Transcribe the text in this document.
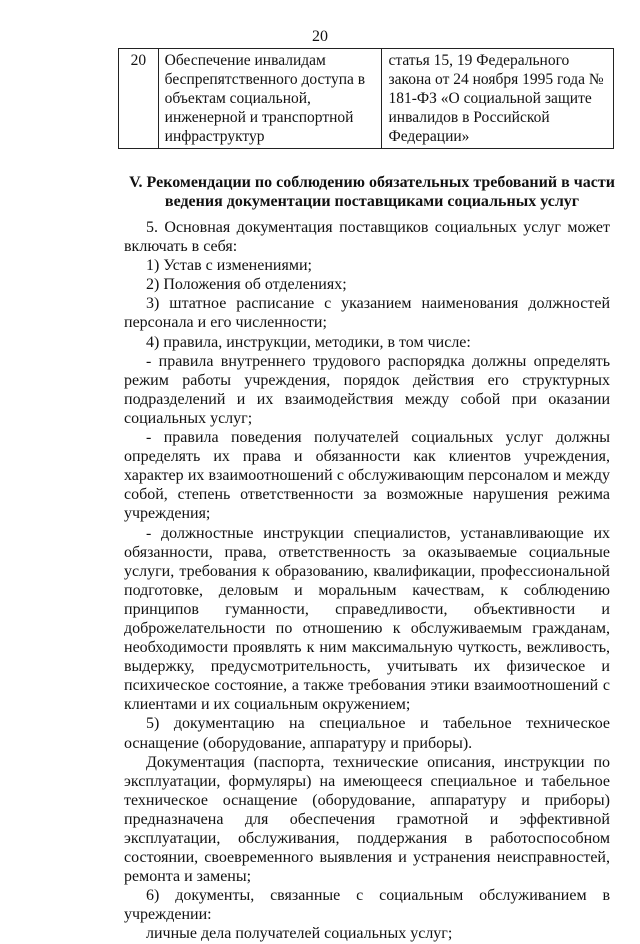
20
20	Обеспечение инвалидам беспрепятственного доступа в объектам социальной, инженерной и транспортной инфраструктур	статья 15, 19 Федерального закона от 24 ноября 1995 года № 181-ФЗ «О социальной защите инвалидов в Российской Федерации»
V. Рекомендации по соблюдению обязательных требований в части ведения документации поставщиками социальных услуг

5. Основная документация поставщиков социальных услуг может включать в себя:

1) Устав с изменениями;

2) Положения об отделениях;

3) штатное расписание с указанием наименования должностей персонала и его численности;

4) правила, инструкции, методики, в том числе:

- правила внутреннего трудового распорядка должны определять режим работы учреждения, порядок действия его структурных подразделений и их взаимодействия между собой при оказании социальных услуг;

- правила поведения получателей социальных услуг должны определять их права и обязанности как клиентов учреждения, характер их взаимоотношений с обслуживающим персоналом и между собой, степень ответственности за возможные нарушения режима учреждения;

- должностные инструкции специалистов, устанавливающие их обязанности, права, ответственность за оказываемые социальные услуги, требования к образованию, квалификации, профессиональной подготовке, деловым и моральным качествам, к соблюдению принципов гуманности, справедливости, объективности и доброжелательности по отношению к обслуживаемым гражданам, необходимости проявлять к ним максимальную чуткость, вежливость, выдержку, предусмотрительность, учитывать их физическое и психическое состояние, а также требования этики взаимоотношений с клиентами и их социальным окружением;

5) документацию на специальное и табельное техническое оснащение (оборудование, аппаратуру и приборы).

Документация (паспорта, технические описания, инструкции по эксплуатации, формуляры) на имеющееся специальное и табельное техническое оснащение (оборудование, аппаратуру и приборы) предназначена для обеспечения грамотной и эффективной эксплуатации, обслуживания, поддержания в работоспособном состоянии, своевременного выявления и устранения неисправностей, ремонта и замены;

6) документы, связанные с социальным обслуживанием в учреждении:

личные дела получателей социальных услуг;
